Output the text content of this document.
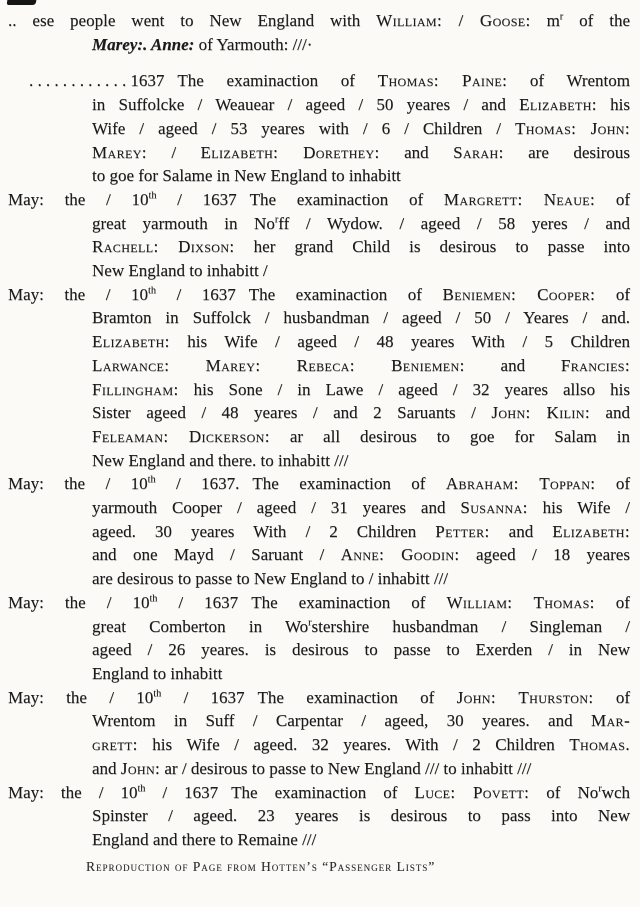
.. ese people went to New England with William: / Goose: $m^r$ of the
Marey:. Anne: of Yarmouth: ///·
............1637 The examinaction of Thomas: Paine: of Wrentom
in Suffolcke / Weauear / ageed / 50 yeares / and Elizabeth: his
Wife / ageed / 53 yeares with / 6 / Children / Thomas: John:
Marey: / Elizabeth: Dorethey: and Sarah: are desirous
to goe for Salame in New England to inhabitt
May: the / 10th / 1637 The examinaction of Margrett: Neaue: of
great yarmouth in No$^r$ff / Wydow. / ageed / 58 yeres / and
Rachell: Dixson: her grand Child is desirous to passe into
New England to inhabitt /
May: the / 10th / 1637 The examinaction of Beniemen: Cooper: of
Bramton in Suffolck / husbandman / ageed / 50 / Yeares / and.
Elizabeth: his Wife / ageed / 48 yeares With / 5 Children
Larwance: Marey: Rebeca: Beniemen: and Francies:
Fillingham: his Sone / in Lawe / ageed / 32 yeares allso his
Sister ageed / 48 yeares / and 2 Saruants / John: Kilin: and
Feleaman: Dickerson: ar all desirous to goe for Salam in
New England and there. to inhabitt ///
May: the / 10th / 1637. The examinaction of Abraham: Toppan: of
yarmouth Cooper / ageed / 31 yeares and Susanna: his Wife /
ageed. 30 yeares With / 2 Children Petter: and Elizabeth:
and one Mayd / Saruant / Anne: Goodin: ageed / 18 yeares
are desirous to passe to New England to / inhabitt ///
May: the / 10th / 1637 The examinaction of William: Thomas: of
great Comberton in Wo$^r$stershire husbandman / Singleman /
ageed / 26 yeares. is desirous to passe to Exerden / in New
England to inhabitt
May: the / 10th / 1637 The examinaction of John: Thurston: of
Wrentom in Suff / Carpentar / ageed, 30 yeares. and Mar-
grett: his Wife / ageed. 32 yeares. With / 2 Children Thomas.
and John: ar / desirous to passe to New England /// to inhabitt ///
May: the / 10th / 1637 The examinaction of Luce: Povett: of No$^r$wch
Spinster / ageed. 23 yeares is desirous to pass into New
England and there to Remaine ///
Reproduction of Page from Hotten’s “Passenger Lists”
